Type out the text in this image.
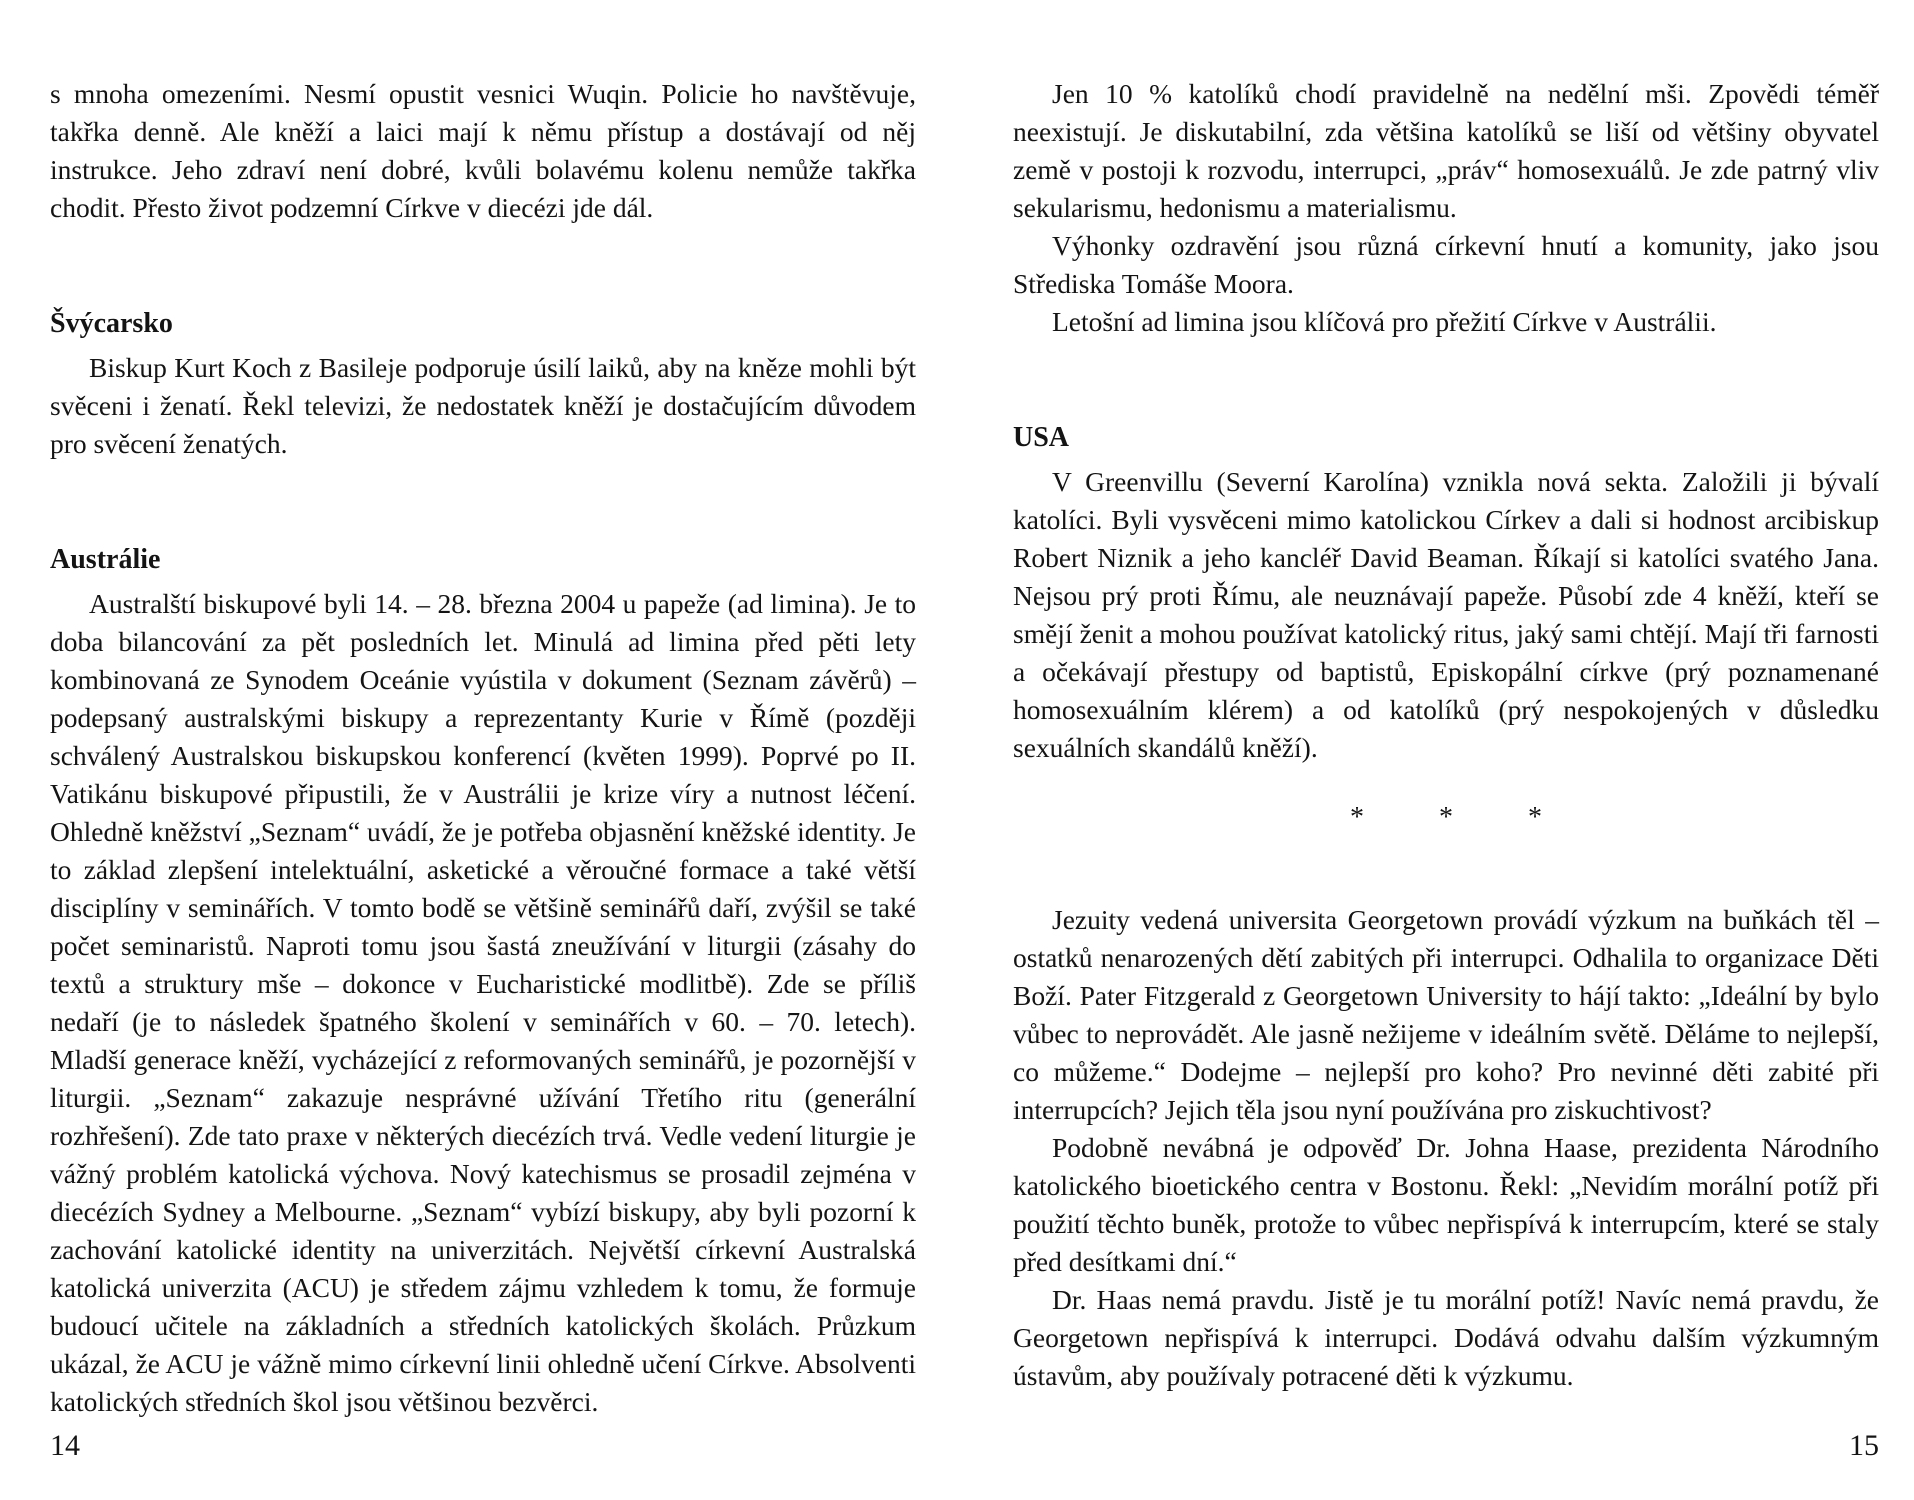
s mnoha omezeními. Nesmí opustit vesnici Wuqin. Policie ho navštěvuje, takřka denně. Ale kněží a laici mají k němu přístup a dostávají od něj instrukce. Jeho zdraví není dobré, kvůli bolavému kolenu nemůže takřka chodit. Přesto život podzemní Církve v diecézi jde dál.

Švýcarsko

Biskup Kurt Koch z Basileje podporuje úsilí laiků, aby na kněze mohli být svěceni i ženatí. Řekl televizi, že nedostatek kněží je dostačujícím důvodem pro svěcení ženatých.

Austrálie

Australští biskupové byli 14. – 28. března 2004 u papeže (ad limina). Je to doba bilancování za pět posledních let. Minulá ad limina před pěti lety kombinovaná ze Synodem Oceánie vyústila v dokument (Seznam závěrů) – podepsaný australskými biskupy a reprezentanty Kurie v Římě (později schválený Australskou biskupskou konferencí (květen 1999). Poprvé po II. Vatikánu biskupové připustili, že v Austrálii je krize víry a nutnost léčení. Ohledně kněžství „Seznam“ uvádí, že je potřeba objasnění kněžské identity. Je to základ zlepšení intelektuální, asketické a věroučné formace a také větší disciplíny v seminářích. V tomto bodě se většině seminářů daří, zvýšil se také počet seminaristů. Naproti tomu jsou šastá zneužívání v liturgii (zásahy do textů a struktury mše – dokonce v Eucharistické modlitbě). Zde se příliš nedaří (je to následek špatného školení v seminářích v 60. – 70. letech). Mladší generace kněží, vycházející z reformovaných seminářů, je pozornější v liturgii. „Seznam“ zakazuje nesprávné užívání Třetího ritu (generální rozhřešení). Zde tato praxe v některých diecézích trvá. Vedle vedení liturgie je vážný problém katolická výchova. Nový katechismus se prosadil zejména v diecézích Sydney a Melbourne. „Seznam“ vybízí biskupy, aby byli pozorní k zachování katolické identity na univerzitách. Největší církevní Australská katolická univerzita (ACU) je středem zájmu vzhledem k tomu, že formuje budoucí učitele na základních a středních katolických školách. Průzkum ukázal, že ACU je vážně mimo církevní linii ohledně učení Církve. Absolventi katolických středních škol jsou většinou bezvěrci.

14

Jen 10 % katolíků chodí pravidelně na nedělní mši. Zpovědi téměř neexistují. Je diskutabilní, zda většina katolíků se liší od většiny obyvatel země v postoji k rozvodu, interrupci, „práv“ homosexuálů. Je zde patrný vliv sekularismu, hedonismu a materialismu.

Výhonky ozdravění jsou různá církevní hnutí a komunity, jako jsou Střediska Tomáše Moora.

Letošní ad limina jsou klíčová pro přežití Církve v Austrálii.

USA

V Greenvillu (Severní Karolína) vznikla nová sekta. Založili ji bývalí katolíci. Byli vysvěceni mimo katolickou Církev a dali si hodnost arcibiskup Robert Niznik a jeho kancléř David Beaman. Říkají si katolíci svatého Jana. Nejsou prý proti Římu, ale neuznávají papeže. Působí zde 4 kněží, kteří se smějí ženit a mohou používat katolický ritus, jaký sami chtějí. Mají tři farnosti a očekávají přestupy od baptistů, Episkopální církve (prý poznamenané homosexuálním klérem) a od katolíků (prý nespokojených v důsledku sexuálních skandálů kněží).

* * *

Jezuity vedená universita Georgetown provádí výzkum na buňkách těl – ostatků nenarozených dětí zabitých při interrupci. Odhalila to organizace Děti Boží. Pater Fitzgerald z Georgetown University to hájí takto: „Ideální by bylo vůbec to neprovádět. Ale jasně nežijeme v ideálním světě. Děláme to nejlepší, co můžeme.“ Dodejme – nejlepší pro koho? Pro nevinné děti zabité při interrupcích? Jejich těla jsou nyní používána pro ziskuchtivost?

Podobně nevábná je odpověď Dr. Johna Haase, prezidenta Národního katolického bioetického centra v Bostonu. Řekl: „Nevidím morální potíž při použití těchto buněk, protože to vůbec nepřispívá k interrupcím, které se staly před desítkami dní.“

Dr. Haas nemá pravdu. Jistě je tu morální potíž! Navíc nemá pravdu, že Georgetown nepřispívá k interrupci. Dodává odvahu dalším výzkumným ústavům, aby používaly potracené děti k výzkumu.

15
